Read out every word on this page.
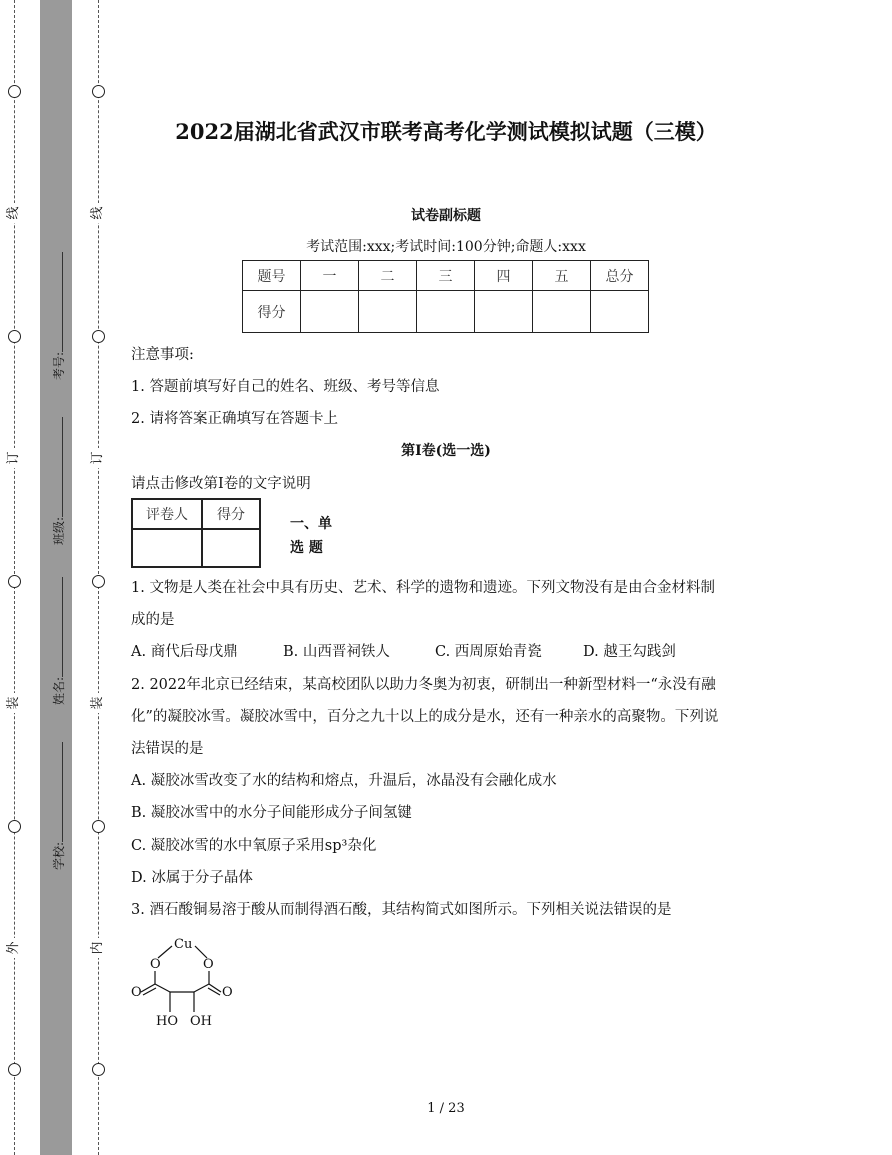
线
订
装
外
线
订
装
内
考号:
班级:
姓名:
学校:
2022届湖北省武汉市联考高考化学测试模拟试题（三模）
试卷副标题
考试范围:xxx;考试时间:100分钟;命题人:xxx
题号	一	二	三	四	五	总分
得分						
注意事项:
1. 答题前填写好自己的姓名、班级、考号等信息
2. 请将答案正确填写在答题卡上
第I卷(选一选)
请点击修改第I卷的文字说明
评卷人	得分

一、单
选 题
1. 文物是人类在社会中具有历史、艺术、科学的遗物和遗迹。下列文物没有是由合金材料制
成的是
A. 商代后母戊鼎	B. 山西晋祠铁人	C. 西周原始青瓷	D. 越王勾践剑
2. 2022年北京已经结束，某高校团队以助力冬奥为初衷，研制出一种新型材料一“永没有融
化”的凝胶冰雪。凝胶冰雪中，百分之九十以上的成分是水，还有一种亲水的高聚物。下列说
法错误的是
A. 凝胶冰雪改变了水的结构和熔点，升温后，冰晶没有会融化成水
B. 凝胶冰雪中的水分子间能形成分子间氢键
C. 凝胶冰雪的水中氧原子采用sp³杂化
D. 冰属于分子晶体
3. 酒石酸铜易溶于酸从而制得酒石酸，其结构简式如图所示。下列相关说法错误的是
Cu
O	O
O	O
HO OH
1 / 23
